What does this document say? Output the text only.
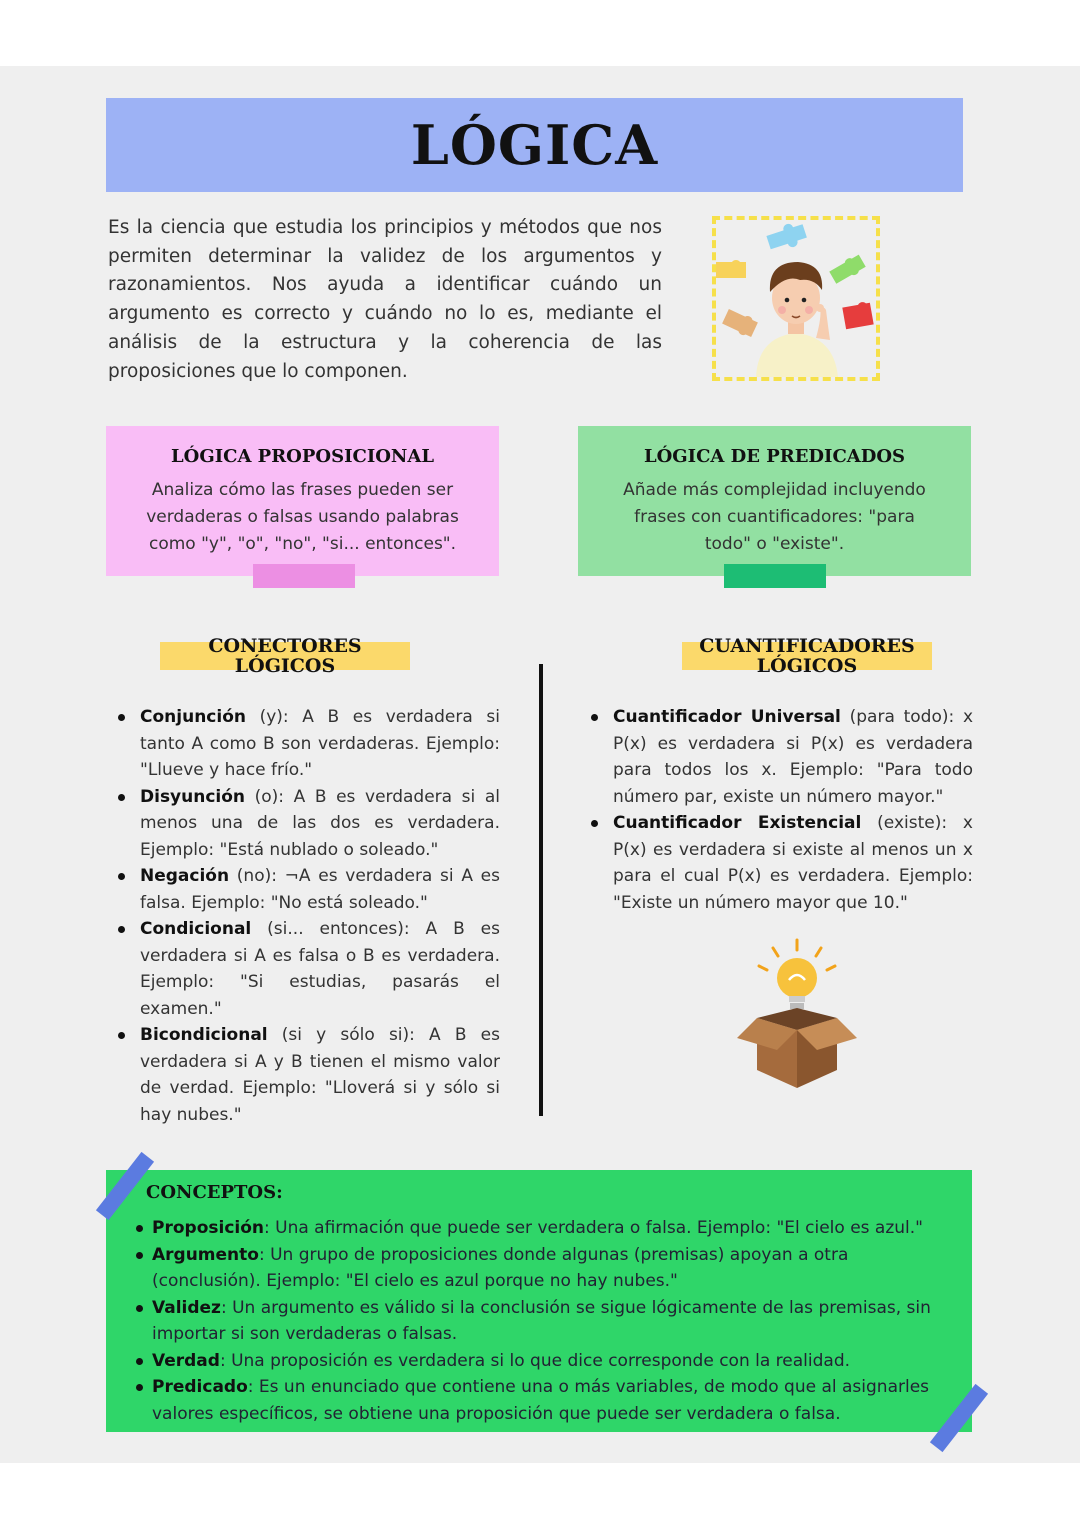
LÓGICA

Es la ciencia que estudia los principios y métodos que nos permiten determinar la validez de los argumentos y razonamientos. Nos ayuda a identificar cuándo un argumento es correcto y cuándo no lo es, mediante el análisis de la estructura y la coherencia de las proposiciones que lo componen.

LÓGICA PROPOSICIONAL

Analiza cómo las frases pueden ser verdaderas o falsas usando palabras como "y", "o", "no", "si... entonces".

LÓGICA DE PREDICADOS

Añade más complejidad incluyendo frases con cuantificadores: "para todo" o "existe".

CONECTORES
LÓGICOS
CUANTIFICADORES
LÓGICOS
Conjunción (y): A B es verdadera si tanto A como B son verdaderas. Ejemplo: "Llueve y hace frío."
Disyunción (o): A B es verdadera si al menos una de las dos es verdadera. Ejemplo: "Está nublado o soleado."
Negación (no): ¬A es verdadera si A es falsa. Ejemplo: "No está soleado."
Condicional (si... entonces): A B es verdadera si A es falsa o B es verdadera. Ejemplo: "Si estudias, pasarás el examen."
Bicondicional (si y sólo si): A B es verdadera si A y B tienen el mismo valor de verdad. Ejemplo: "Lloverá si y sólo si hay nubes."
Cuantificador Universal (para todo): x P(x) es verdadera si P(x) es verdadera para todos los x. Ejemplo: "Para todo número par, existe un número mayor."
Cuantificador Existencial (existe): x P(x) es verdadera si existe al menos un x para el cual P(x) es verdadera. Ejemplo: "Existe un número mayor que 10."
CONCEPTOS:
Proposición: Una afirmación que puede ser verdadera o falsa. Ejemplo: "El cielo es azul."
Argumento: Un grupo de proposiciones donde algunas (premisas) apoyan a otra (conclusión). Ejemplo: "El cielo es azul porque no hay nubes."
Validez: Un argumento es válido si la conclusión se sigue lógicamente de las premisas, sin importar si son verdaderas o falsas.
Verdad: Una proposición es verdadera si lo que dice corresponde con la realidad.
Predicado: Es un enunciado que contiene una o más variables, de modo que al asignarles valores específicos, se obtiene una proposición que puede ser verdadera o falsa.
